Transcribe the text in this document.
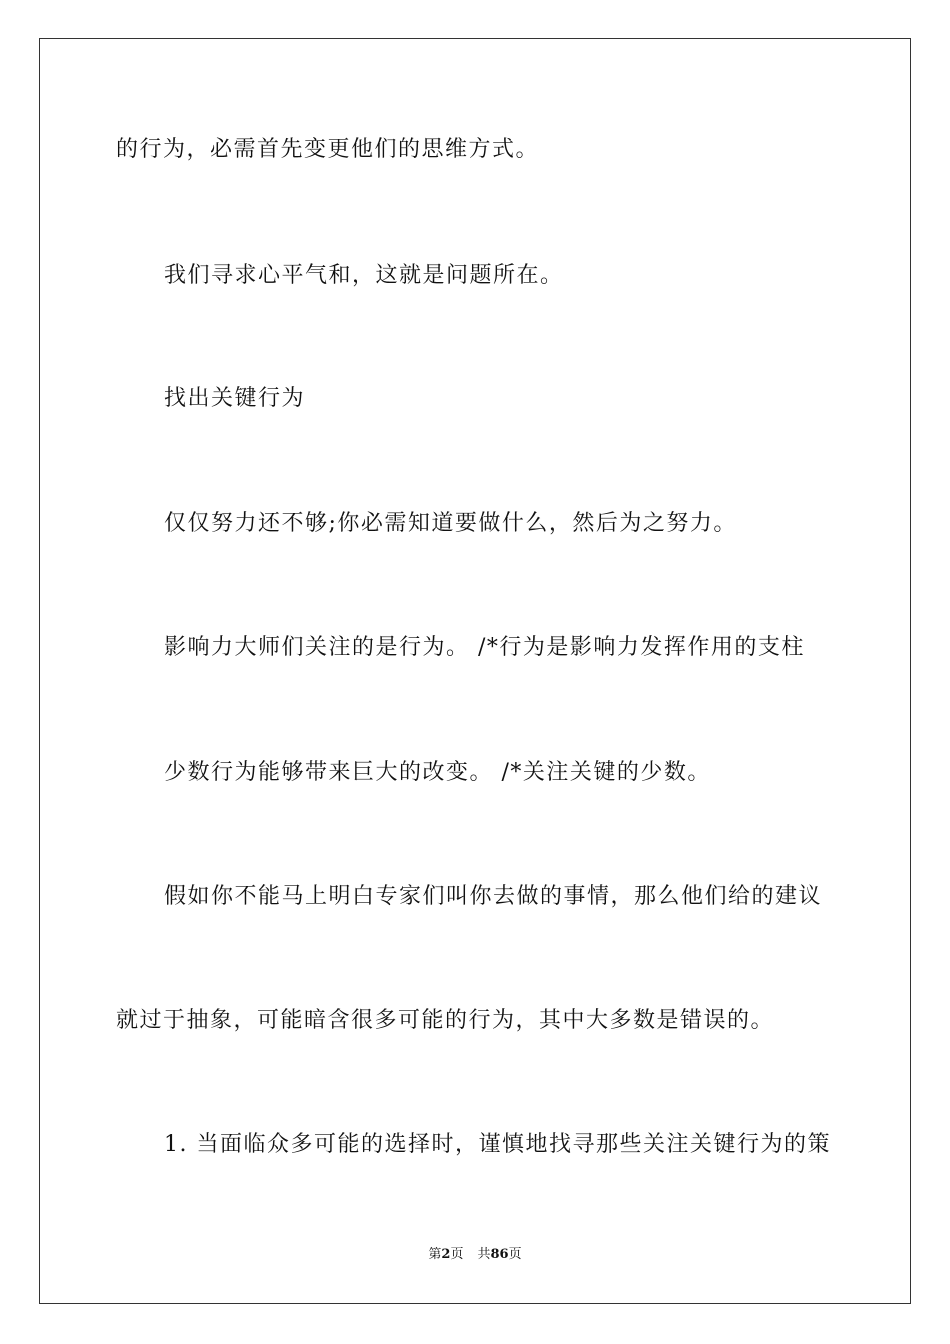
的行为，必需首先变更他们的思维方式。
我们寻求心平气和，这就是问题所在。
找出关键行为
仅仅努力还不够;你必需知道要做什么，然后为之努力。
影响力大师们关注的是行为。 /*行为是影响力发挥作用的支柱
少数行为能够带来巨大的改变。 /*关注关键的少数。
假如你不能马上明白专家们叫你去做的事情，那么他们给的建议
就过于抽象，可能暗含很多可能的行为，其中大多数是错误的。
1. 当面临众多可能的选择时，谨慎地找寻那些关注关键行为的策
第2页 共86页
